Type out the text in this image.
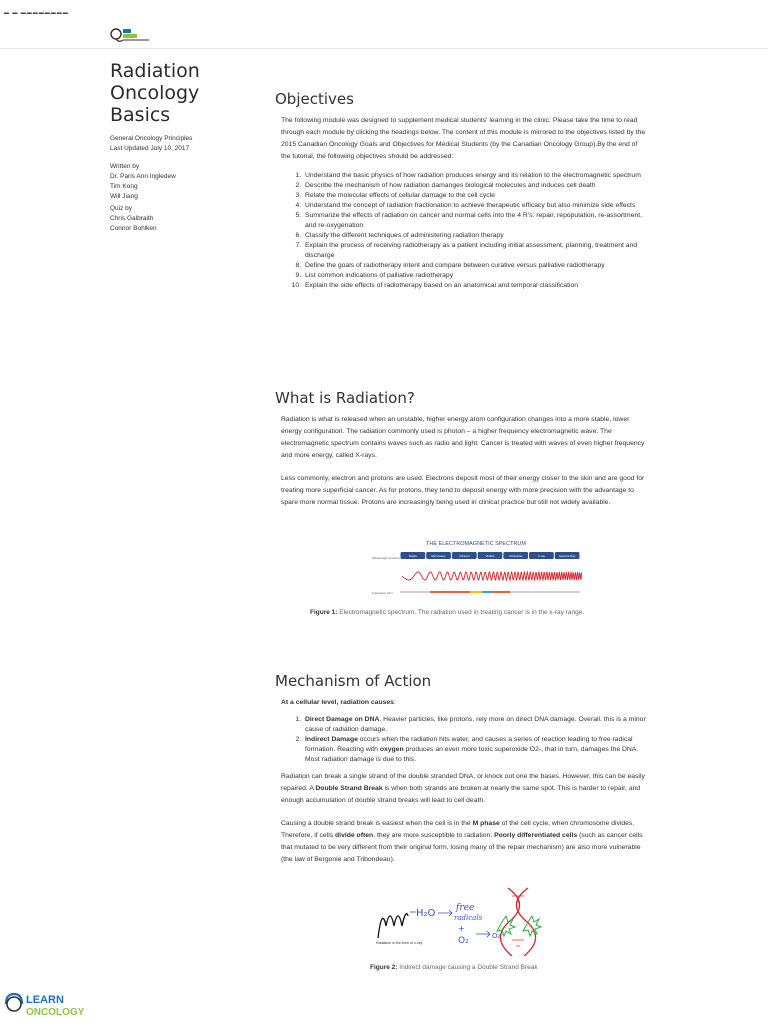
▬ ▬ ▬▬▬▬▬▬▬▬
Radiation
Oncology
Basics
General Oncology Principles
Last Updated July 10, 2017
Written by
Dr. Paris Ann Ingledew
Tim Kong
Will Jiang
Quiz by
Chris Galbraith
Connor Bohlken
Objectives

The following module was designed to supplement medical students' learning in the clinic. Please take the time to read through each module by clicking the headings below. The content of this module is mirrored to the objectives listed by the 2015 Canadian Oncology Goals and Objectives for Medical Students (by the Canadian Oncology Group).By the end of the tutorial, the following objectives should be addressed:

1. Understand the basic physics of how radiation produces energy and its relation to the electromagnetic spectrum
2. Describe the mechanism of how radiation damanges biological molecules and induces cell death
3. Relate the molecular effects of cellular damage to the cell cycle
4. Understand the concept of radiation fractionation to achieve therapeutic efficacy but also minimize side effects
5. Summarize the effects of radiation on cancer and normal cells into the 4 R's: repair, repopulation, re-assortment, and re-oxygenation
6. Classify the different techniques of administering radiation therapy
7. Explain the process of receiving radiotherapy as a patient including initial assessment, planning, treatment and discharge
8. Define the goals of radiotherapy intent and compare between curative versus palliative radiotherapy
9. List common indications of palliative radiotherapy
10. Explain the side effects of radiotherapy based on an anatomical and temporal classification
What is Radiation?

Radiation is what is released when an unstable, higher energy atom configuration changes into a more stable, lower energy configuration. The radiation commonly used is photon – a higher frequency electromagnetic wave. The electromagnetic spectrum contains waves such as radio and light. Cancer is treated with waves of even higher frequency and more energy, called X-rays.

Less commonly, electron and protons are used. Electrons deposit most of their energy closer to the skin and are good for treating more superficial cancer. As for protons, they tend to deposit energy with more precision with the advantage to spare more normal tissue. Protons are increasingly being used in clinical practice but still not widely available.

THE ELECTROMAGNETIC SPECTRUM
Wavelength (meters)
Frequency (Hz)
Radio	Microwave	Infrared	Visible	Ultraviolet	X-ray	Gamma Ray
Figure 1: Electromagnetic spectrum. The radiation used in treating cancer is in the x-ray range.
Mechanism of Action

At a cellular level, radiation causes:

1. Direct Damage on DNA. Heavier particles, like protons, rely more on direct DNA damage. Overall, this is a minor cause of radiation damage.
2. Indirect Damage occurs when the radiation hits water, and causes a series of reaction leading to free radical formation. Reacting with oxygen produces an even more toxic superoxide O2-, that in turn, damages the DNA. Most radiation damage is due to this.

Radiation can break a single strand of the double stranded DNA, or knock out one the bases. However, this can be easily repaired. A Double Strand Break is when both strands are broken at nearly the same spot. This is harder to repair, and enough accumulation of double strand breaks will lead to cell death.

Causing a double strand break is easiest when the cell is in the M phase of the cell cycle, when chromosome divides. Therefore, if cells divide often, they are more susceptible to radiation. Poorly differentiated cells (such as cancer cells that mutated to be very different from their original form, losing many of the repair mechanism) are also more vulnerable (the law of Bergonie and Tribondeau).

Radiation in the form of x-ray
H₂O free
radicals
+
O₂	O₂⁻
Figure 2: Indirect damage causing a Double Strand Break
LEARN
ONCOLOGY
